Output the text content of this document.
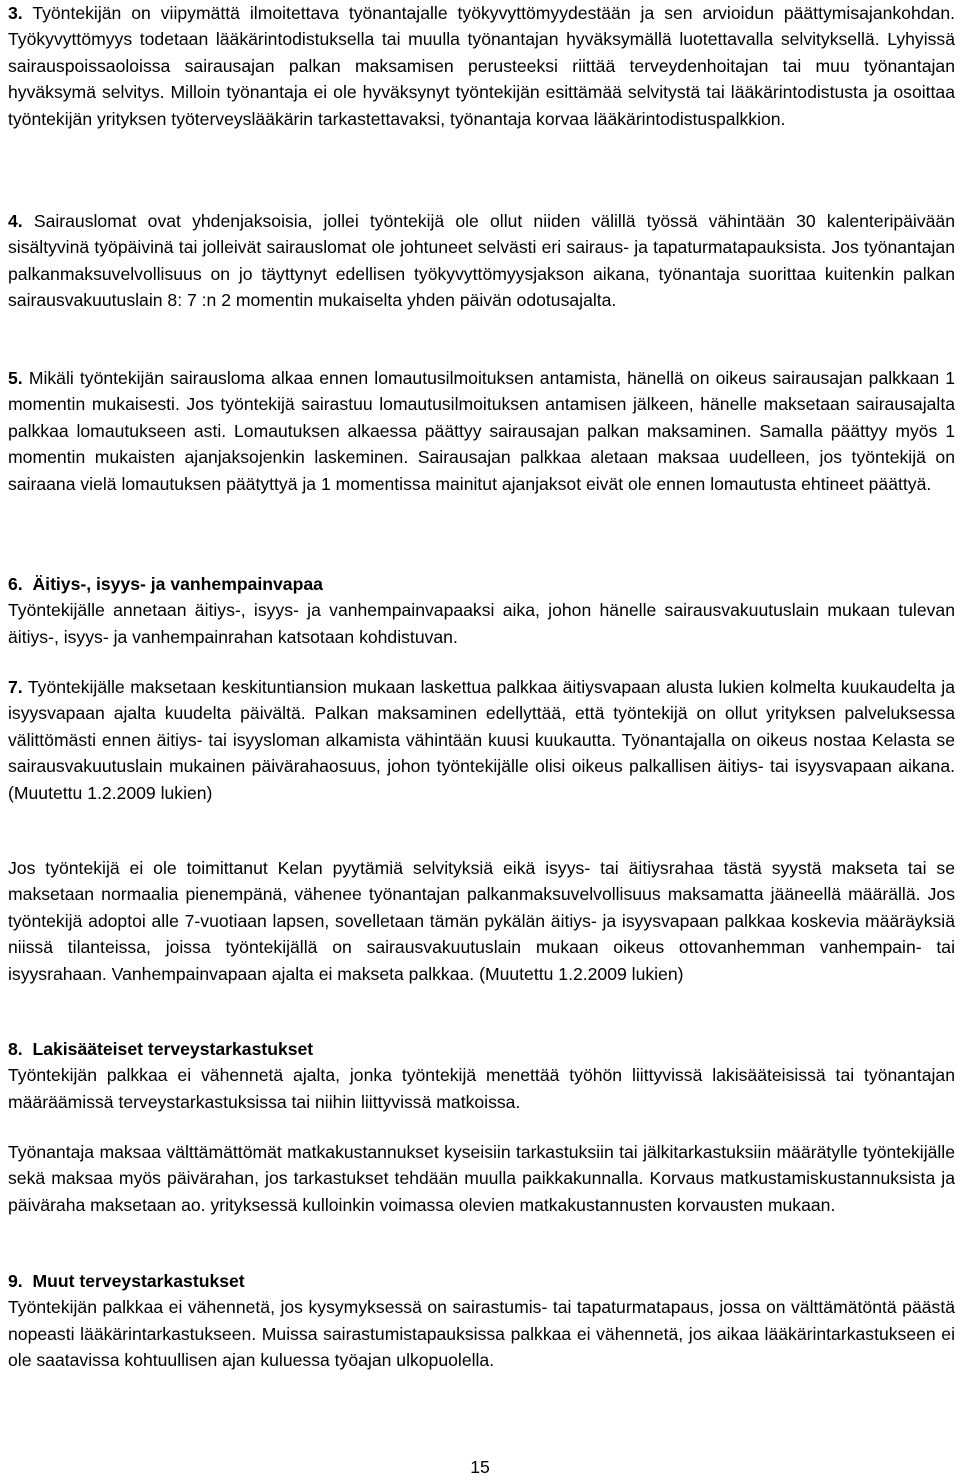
3. Työntekijän on viipymättä ilmoitettava työnantajalle työkyvyttömyydestään ja sen arvioidun päättymisajankohdan. Työkyvyttömyys todetaan lääkärintodistuksella tai muulla työnantajan hyväksymällä luotettavalla selvityksellä. Lyhyissä sairauspoissaoloissa sairausajan palkan maksamisen perusteeksi riittää terveydenhoitajan tai muu työnantajan hyväksymä selvitys. Milloin työnantaja ei ole hyväksynyt työntekijän esittämää selvitystä tai lääkärintodistusta ja osoittaa työntekijän yrityksen työterveyslääkärin tarkastettavaksi, työnantaja korvaa lääkärintodistuspalkkion.

4. Sairauslomat ovat yhdenjaksoisia, jollei työntekijä ole ollut niiden välillä työssä vähintään 30 kalenteripäivään sisältyvinä työpäivinä tai jolleivät sairauslomat ole johtuneet selvästi eri sairaus- ja tapaturmatapauksista. Jos työnantajan palkanmaksuvelvollisuus on jo täyttynyt edellisen työkyvyttömyysjakson aikana, työnantaja suorittaa kuitenkin palkan sairausvakuutuslain 8: 7 :n 2 momentin mukaiselta yhden päivän odotusajalta.

5. Mikäli työntekijän sairausloma alkaa ennen lomautusilmoituksen antamista, hänellä on oikeus sairausajan palkkaan 1 momentin mukaisesti. Jos työntekijä sairastuu lomautusilmoituksen antamisen jälkeen, hänelle maksetaan sairausajalta palkkaa lomautukseen asti. Lomautuksen alkaessa päättyy sairausajan palkan maksaminen. Samalla päättyy myös 1 momentin mukaisten ajanjaksojenkin laskeminen. Sairausajan palkkaa aletaan maksaa uudelleen, jos työntekijä on sairaana vielä lomautuksen päätyttyä ja 1 momentissa mainitut ajanjaksot eivät ole ennen lomautusta ehtineet päättyä.

6. Äitiys-, isyys- ja vanhempainvapaa
Työntekijälle annetaan äitiys-, isyys- ja vanhempainvapaaksi aika, johon hänelle sairausvakuutuslain mukaan tulevan äitiys-, isyys- ja vanhempainrahan katsotaan kohdistuvan.

7. Työntekijälle maksetaan keskituntiansion mukaan laskettua palkkaa äitiysvapaan alusta lukien kolmelta kuukaudelta ja isyysvapaan ajalta kuudelta päivältä. Palkan maksaminen edellyttää, että työntekijä on ollut yrityksen palveluksessa välittömästi ennen äitiys- tai isyysloman alkamista vähintään kuusi kuukautta. Työnantajalla on oikeus nostaa Kelasta se sairausvakuutuslain mukainen päivärahaosuus, johon työntekijälle olisi oikeus palkallisen äitiys- tai isyysvapaan aikana. (Muutettu 1.2.2009 lukien)

Jos työntekijä ei ole toimittanut Kelan pyytämiä selvityksiä eikä isyys- tai äitiysrahaa tästä syystä makseta tai se maksetaan normaalia pienempänä, vähenee työnantajan palkanmaksuvelvollisuus maksamatta jääneellä määrällä. Jos työntekijä adoptoi alle 7-vuotiaan lapsen, sovelletaan tämän pykälän äitiys- ja isyysvapaan palkkaa koskevia määräyksiä niissä tilanteissa, joissa työntekijällä on sairausvakuutuslain mukaan oikeus ottovanhemman vanhempain- tai isyysrahaan. Vanhempainvapaan ajalta ei makseta palkkaa. (Muutettu 1.2.2009 lukien)

8. Lakisääteiset terveystarkastukset
Työntekijän palkkaa ei vähennetä ajalta, jonka työntekijä menettää työhön liittyvissä lakisääteisissä tai työnantajan määräämissä terveystarkastuksissa tai niihin liittyvissä matkoissa.

Työnantaja maksaa välttämättömät matkakustannukset kyseisiin tarkastuksiin tai jälkitarkastuksiin määrätylle työntekijälle sekä maksaa myös päivärahan, jos tarkastukset tehdään muulla paikkakunnalla. Korvaus matkustamiskustannuksista ja päiväraha maksetaan ao. yrityksessä kulloinkin voimassa olevien matkakustannusten korvausten mukaan.

9. Muut terveystarkastukset
Työntekijän palkkaa ei vähennetä, jos kysymyksessä on sairastumis- tai tapaturmatapaus, jossa on välttämätöntä päästä nopeasti lääkärintarkastukseen. Muissa sairastumistapauksissa palkkaa ei vähennetä, jos aikaa lääkärintarkastukseen ei ole saatavissa kohtuullisen ajan kuluessa työajan ulkopuolella.
15
